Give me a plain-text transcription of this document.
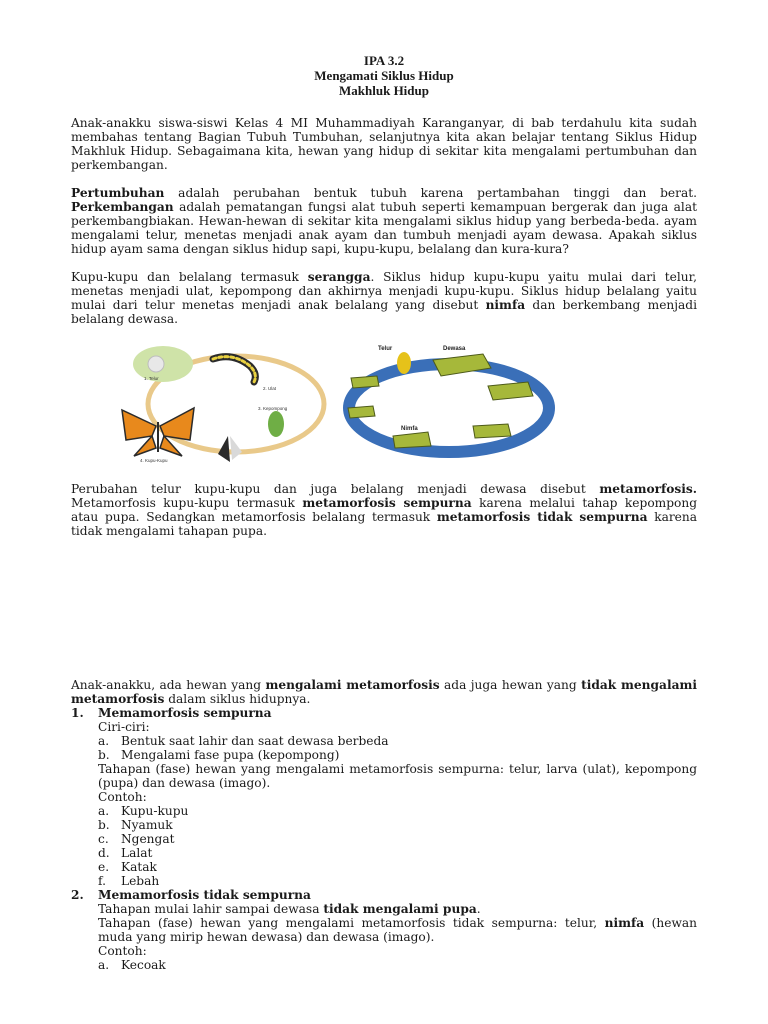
IPA 3.2
Mengamati Siklus Hidup
Makhluk Hidup

Anak-anakku siswa-siswi Kelas 4 MI Muhammadiyah Karanganyar, di bab terdahulu kita sudah membahas tentang Bagian Tubuh Tumbuhan, selanjutnya kita akan belajar tentang Siklus Hidup Makhluk Hidup. Sebagaimana kita, hewan yang hidup di sekitar kita mengalami pertumbuhan dan perkembangan.

Pertumbuhan adalah perubahan bentuk tubuh karena pertambahan tinggi dan berat. Perkembangan adalah pematangan fungsi alat tubuh seperti kemampuan bergerak dan juga alat perkembangbiakan. Hewan-hewan di sekitar kita mengalami siklus hidup yang berbeda-beda. ayam mengalami telur, menetas menjadi anak ayam dan tumbuh menjadi ayam dewasa. Apakah siklus hidup ayam sama dengan siklus hidup sapi, kupu-kupu, belalang dan kura-kura?

Kupu-kupu dan belalang termasuk serangga. Siklus hidup kupu-kupu yaitu mulai dari telur, menetas menjadi ulat, kepompong dan akhirnya menjadi kupu-kupu. Siklus hidup belalang yaitu mulai dari telur menetas menjadi anak belalang yang disebut nimfa dan berkembang menjadi belalang dewasa.

1. Telur
2. Ulat
3. Kepompong
4. Kupu-Kupu
Telur	Dewasa
Nimfa

Perubahan telur kupu-kupu dan juga belalang menjadi dewasa disebut metamorfosis. Metamorfosis kupu-kupu termasuk metamorfosis sempurna karena melalui tahap kepompong atau pupa. Sedangkan metamorfosis belalang termasuk metamorfosis tidak sempurna karena tidak mengalami tahapan pupa.

Anak-anakku, ada hewan yang mengalami metamorfosis ada juga hewan yang tidak mengalami metamorfosis dalam siklus hidupnya.

1. Memamorfosis sempurna
Ciri-ciri:
a. Bentuk saat lahir dan saat dewasa berbeda
b. Mengalami fase pupa (kepompong)

Tahapan (fase) hewan yang mengalami metamorfosis sempurna: telur, larva (ulat), kepompong (pupa) dan dewasa (imago).

Contoh:
a. Kupu-kupu
b. Nyamuk
c. Ngengat
d. Lalat
e. Katak
f. Lebah
2. Memamorfosis tidak sempurna

Tahapan mulai lahir sampai dewasa tidak mengalami pupa.

Tahapan (fase) hewan yang mengalami metamorfosis tidak sempurna: telur, nimfa (hewan muda yang mirip hewan dewasa) dan dewasa (imago).

Contoh:
a. Kecoak
